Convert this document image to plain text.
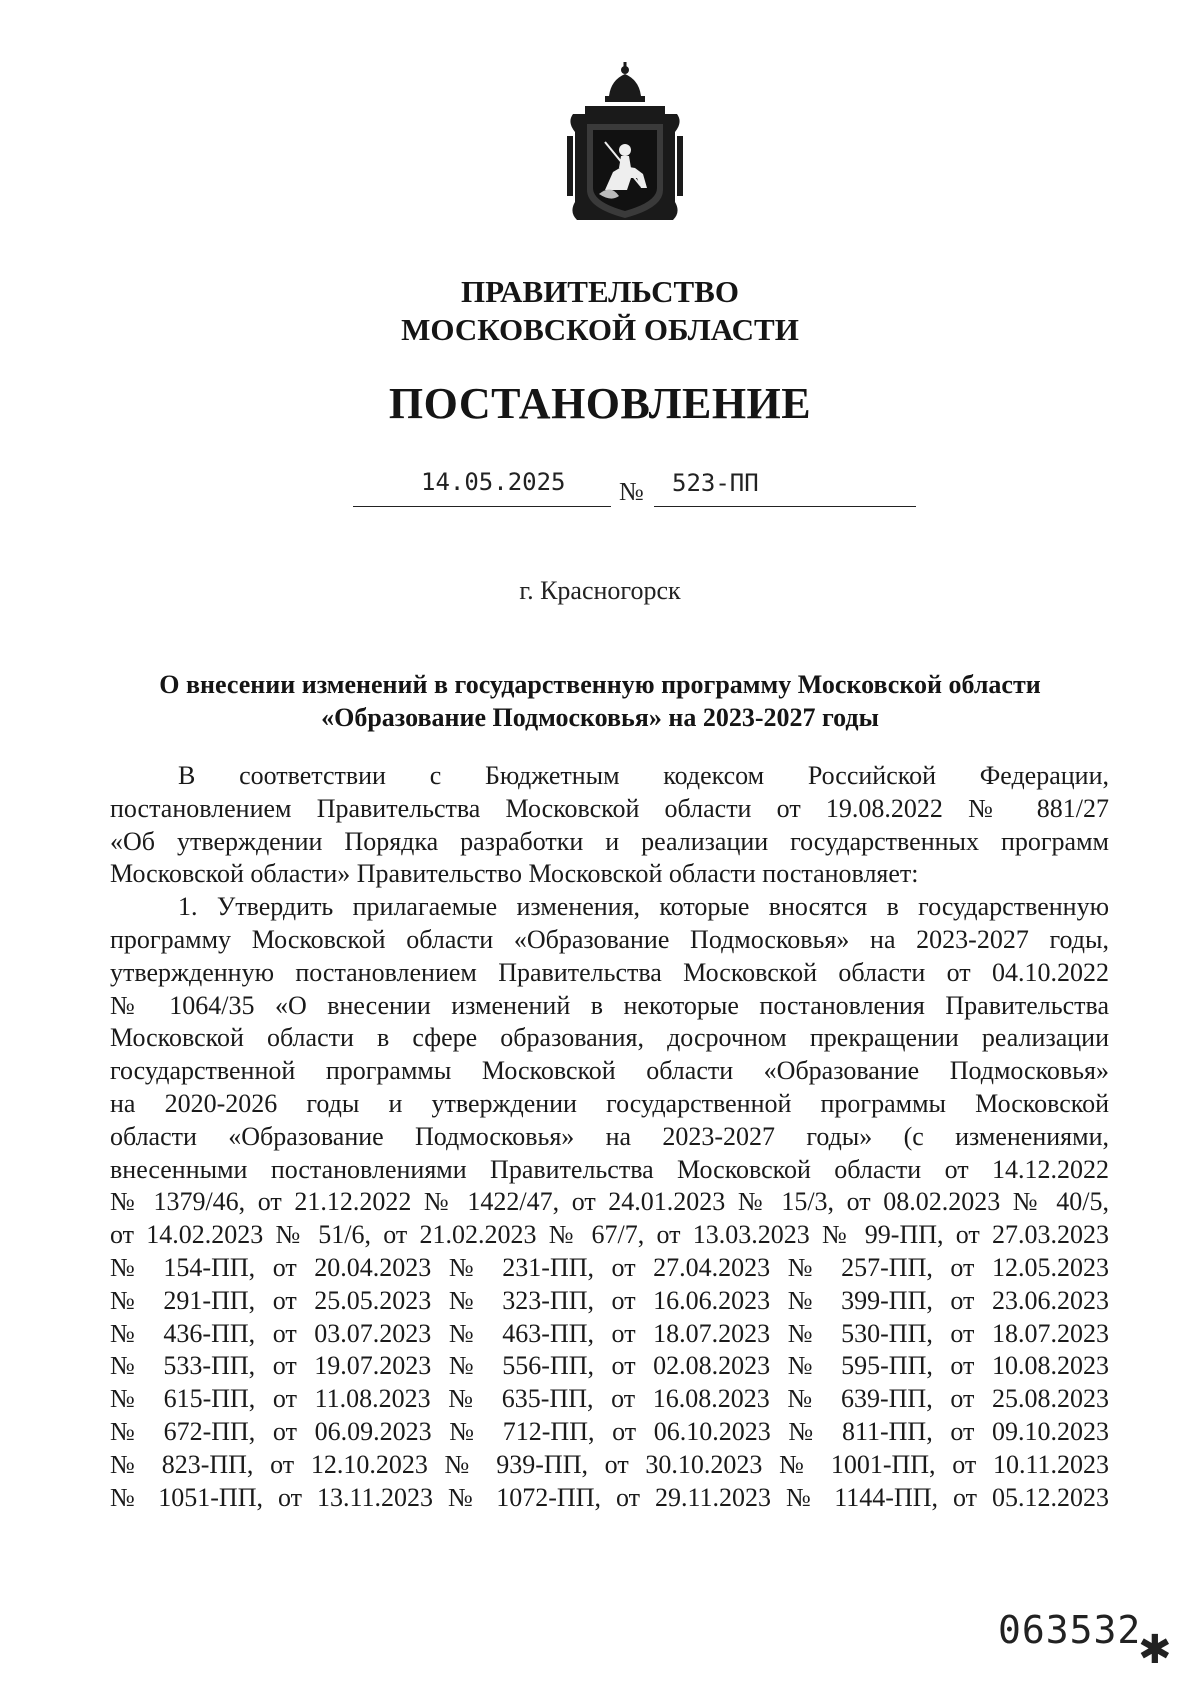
ПРАВИТЕЛЬСТВО
МОСКОВСКОЙ ОБЛАСТИ
ПОСТАНОВЛЕНИЕ
14.05.2025 № 523-ПП
г. Красногорск
О внесении изменений в государственную программу Московской области
«Образование Подмосковья» на 2023-2027 годы
В соответствии с Бюджетным кодексом Российской Федерации,
постановлением Правительства Московской области от 19.08.2022 № 881/27
«Об утверждении Порядка разработки и реализации государственных программ
Московской области» Правительство Московской области постановляет:
1. Утвердить прилагаемые изменения, которые вносятся в государственную
программу Московской области «Образование Подмосковья» на 2023-2027 годы,
утвержденную постановлением Правительства Московской области от 04.10.2022
№ 1064/35 «О внесении изменений в некоторые постановления Правительства
Московской области в сфере образования, досрочном прекращении реализации
государственной программы Московской области «Образование Подмосковья»
на 2020-2026 годы и утверждении государственной программы Московской
области «Образование Подмосковья» на 2023-2027 годы» (с изменениями,
внесенными постановлениями Правительства Московской области от 14.12.2022
№ 1379/46, от 21.12.2022 № 1422/47, от 24.01.2023 № 15/3, от 08.02.2023 № 40/5,
от 14.02.2023 № 51/6, от 21.02.2023 № 67/7, от 13.03.2023 № 99-ПП, от 27.03.2023
№ 154-ПП, от 20.04.2023 № 231-ПП, от 27.04.2023 № 257-ПП, от 12.05.2023
№ 291-ПП, от 25.05.2023 № 323-ПП, от 16.06.2023 № 399-ПП, от 23.06.2023
№ 436-ПП, от 03.07.2023 № 463-ПП, от 18.07.2023 № 530-ПП, от 18.07.2023
№ 533-ПП, от 19.07.2023 № 556-ПП, от 02.08.2023 № 595-ПП, от 10.08.2023
№ 615-ПП, от 11.08.2023 № 635-ПП, от 16.08.2023 № 639-ПП, от 25.08.2023
№ 672-ПП, от 06.09.2023 № 712-ПП, от 06.10.2023 № 811-ПП, от 09.10.2023
№ 823-ПП, от 12.10.2023 № 939-ПП, от 30.10.2023 № 1001-ПП, от 10.11.2023
№ 1051-ПП, от 13.11.2023 № 1072-ПП, от 29.11.2023 № 1144-ПП, от 05.12.2023
063532
✱
